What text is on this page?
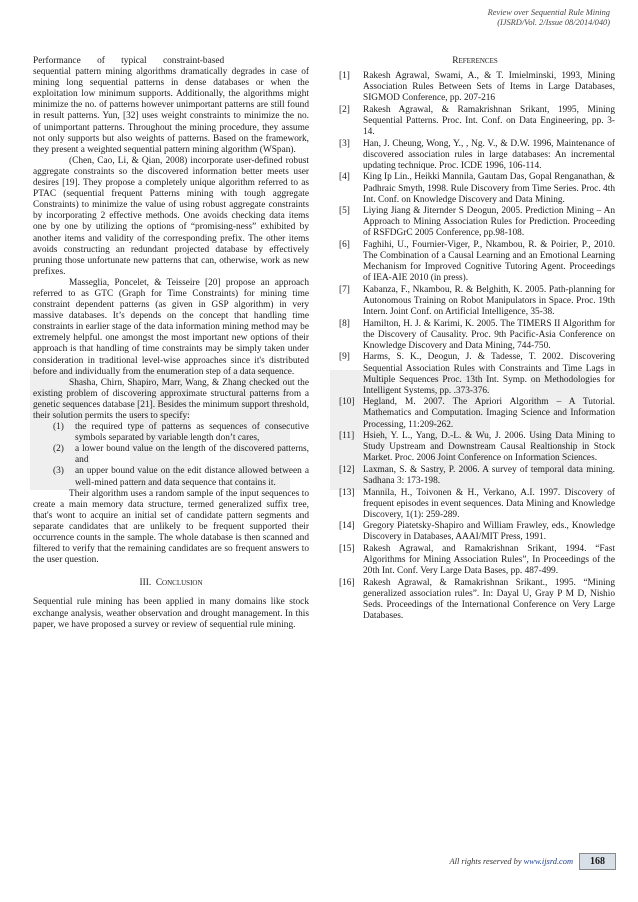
Review over Sequential Rule Mining
(IJSRD/Vol. 2/Issue 08/2014/040)

Performance of typical constraint-based

sequential pattern mining algorithms dramatically degrades in case of mining long sequential patterns in dense databases or when the exploitation low minimum supports. Additionally, the algorithms might minimize the no. of patterns however unimportant patterns are still found in result patterns. Yun, [32] uses weight constraints to minimize the no. of unimportant patterns. Throughout the mining procedure, they assume not only supports but also weights of patterns. Based on the framework, they present a weighted sequential pattern mining algorithm (WSpan).

(Chen, Cao, Li, & Qian, 2008) incorporate user-defined robust aggregate constraints so the discovered information better meets user desires [19]. They propose a completely unique algorithm referred to as PTAC (sequential frequent Patterns mining with tough aggregate Constraints) to minimize the value of using robust aggregate constraints by incorporating 2 effective methods. One avoids checking data items one by one by utilizing the options of “promising-ness” exhibited by another items and validity of the corresponding prefix. The other items avoids constructing an redundant projected database by effectively pruning those unfortunate new patterns that can, otherwise, work as new prefixes.

Masseglia, Poncelet, & Teisseire [20] propose an approach referred to as GTC (Graph for Time Constraints) for mining time constraint dependent patterns (as given in GSP algorithm) in very massive databases. It’s depends on the concept that handling time constraints in earlier stage of the data information mining method may be extremely helpful. one amongst the most important new options of their approach is that handling of time constraints may be simply taken under consideration in traditional level-wise approaches since it's distributed before and individually from the enumeration step of a data sequence.

Shasha, Chirn, Shapiro, Marr, Wang, & Zhang checked out the existing problem of discovering approximate structural patterns from a genetic sequences database [21]. Besides the minimum support threshold, their solution permits the users to specify:

(1) the required type of patterns as sequences of consecutive symbols separated by variable length don’t cares,
(2) a lower bound value on the length of the discovered patterns, and
(3) an upper bound value on the edit distance allowed between a well-mined pattern and data sequence that contains it.

Their algorithm uses a random sample of the input sequences to create a main memory data structure, termed generalized suffix tree, that's wont to acquire an initial set of candidate pattern segments and separate candidates that are unlikely to be frequent supported their occurrence counts in the sample. The whole database is then scanned and filtered to verify that the remaining candidates are so frequent answers to the user question.

III. Conclusion

Sequential rule mining has been applied in many domains like stock exchange analysis, weather observation and drought management. In this paper, we have proposed a survey or review of sequential rule mining.

References
[1] Rakesh Agrawal, Swami, A., & T. Imielminski, 1993, Mining Association Rules Between Sets of Items in Large Databases, SIGMOD Conference, pp. 207-216
[2] Rakesh Agrawal, & Ramakrishnan Srikant, 1995, Mining Sequential Patterns. Proc. Int. Conf. on Data Engineering, pp. 3-14.
[3] Han, J. Cheung, Wong, Y., , Ng. V., & D.W. 1996, Maintenance of discovered association rules in large databases: An incremental updating technique. Proc. ICDE 1996, 106-114.
[4] King Ip Lin., Heikki Mannila, Gautam Das, Gopal Renganathan, & Padhraic Smyth, 1998. Rule Discovery from Time Series. Proc. 4th Int. Conf. on Knowledge Discovery and Data Mining.
[5] Liying Jiang & Jiternder S Deogun, 2005. Prediction Mining – An Approach to Mining Association Rules for Prediction. Proceeding of RSFDGrC 2005 Conference, pp.98-108.
[6] Faghihi, U., Fournier-Viger, P., Nkambou, R. & Poirier, P., 2010. The Combination of a Causal Learning and an Emotional Learning Mechanism for Improved Cognitive Tutoring Agent. Proceedings of IEA-AIE 2010 (in press).
[7] Kabanza, F., Nkambou, R. & Belghith, K. 2005. Path-planning for Autonomous Training on Robot Manipulators in Space. Proc. 19th Intern. Joint Conf. on Artificial Intelligence, 35-38.
[8] Hamilton, H. J. & Karimi, K. 2005. The TIMERS II Algorithm for the Discovery of Causality. Proc. 9th Pacific-Asia Conference on Knowledge Discovery and Data Mining, 744-750.
[9] Harms, S. K., Deogun, J. & Tadesse, T. 2002. Discovering Sequential Association Rules with Constraints and Time Lags in Multiple Sequences Proc. 13th Int. Symp. on Methodologies for Intelligent Systems, pp. .373-376.
[10] Hegland, M. 2007. The Apriori Algorithm – A Tutorial. Mathematics and Computation. Imaging Science and Information Processing, 11:209-262.
[11] Hsieh, Y. L., Yang, D.-L. & Wu, J. 2006. Using Data Mining to Study Upstream and Downstream Causal Realtionship in Stock Market. Proc. 2006 Joint Conference on Information Sciences.
[12] Laxman, S. & Sastry, P. 2006. A survey of temporal data mining. Sadhana 3: 173-198.
[13] Mannila, H., Toivonen & H., Verkano, A.I. 1997. Discovery of frequent episodes in event sequences. Data Mining and Knowledge Discovery, 1(1): 259-289.
[14] Gregory Piatetsky-Shapiro and William Frawley, eds., Knowledge Discovery in Databases, AAAI/MIT Press, 1991.
[15] Rakesh Agrawal, and Ramakrishnan Srikant, 1994. “Fast Algorithms for Mining Association Rules”, In Proceedings of the 20th Int. Conf. Very Large Data Bases, pp. 487-499.
[16] Rakesh Agrawal, & Ramakrishnan Srikant., 1995. “Mining generalized association rules”. In: Dayal U, Gray P M D, Nishio Seds. Proceedings of the International Conference on Very Large Databases.
All rights reserved by www.ijsrd.com	168
